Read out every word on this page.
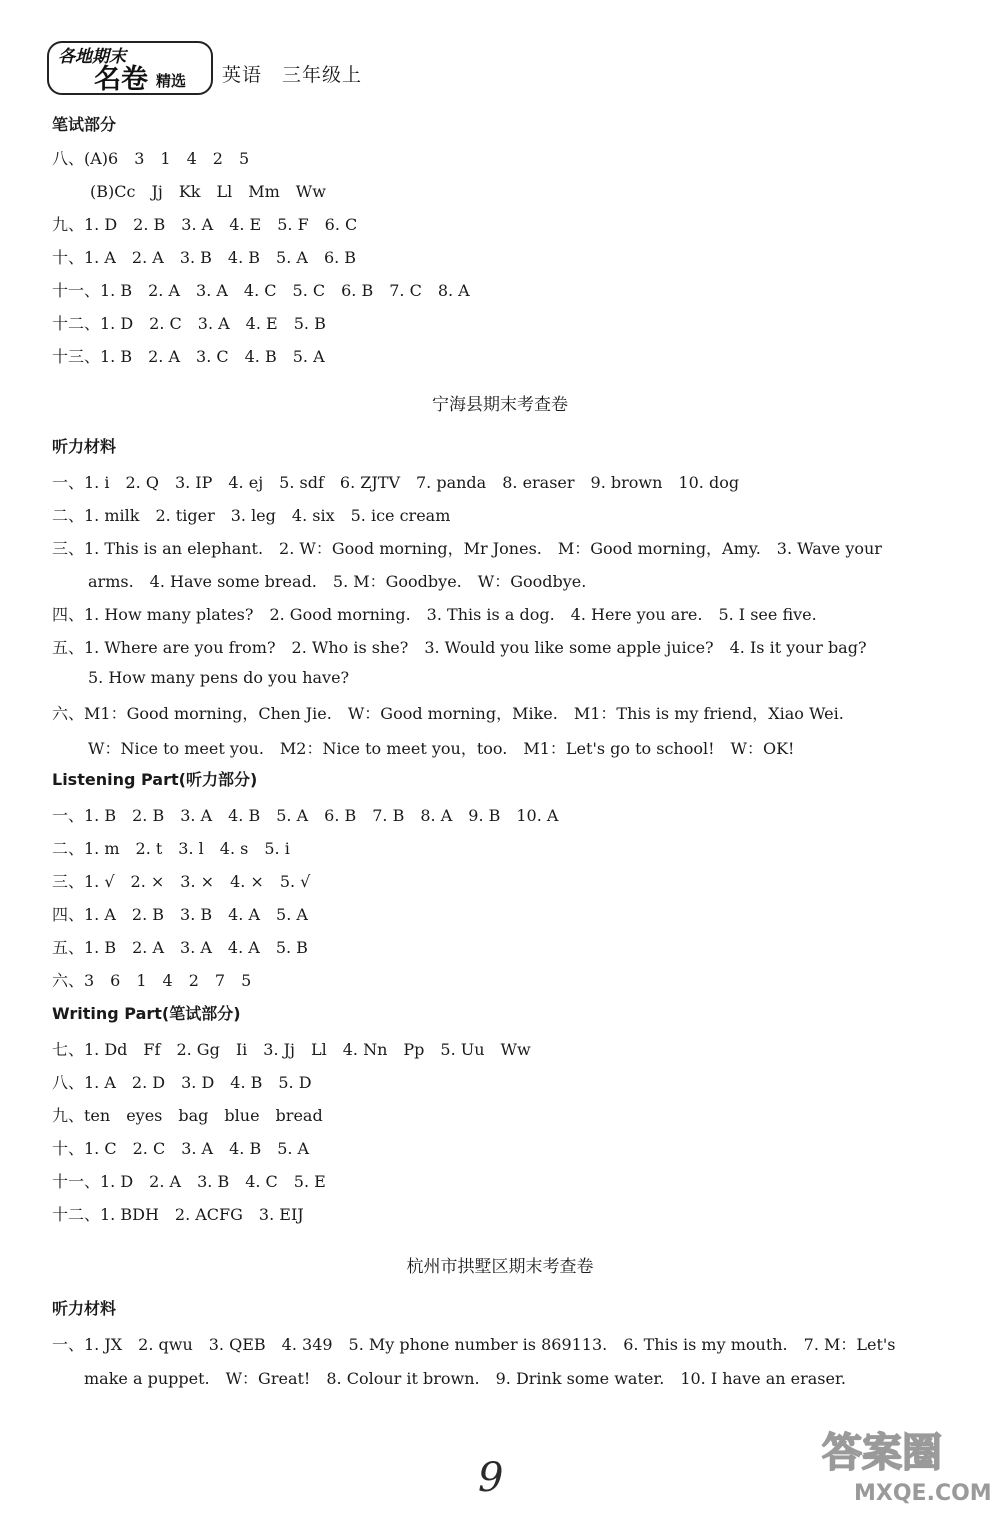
各地期末
名卷 精选 英语　三年级上
笔试部分
八、(A)6　3　1　4　2　5
(B)Cc　Jj　Kk　Ll　Mm　Ww
九、1. D　2. B　3. A　4. E　5. F　6. C
十、1. A　2. A　3. B　4. B　5. A　6. B
十一、1. B　2. A　3. A　4. C　5. C　6. B　7. C　8. A
十二、1. D　2. C　3. A　4. E　5. B
十三、1. B　2. A　3. C　4. B　5. A
宁海县期末考查卷
听力材料
一、1. i　2. Q　3. IP　4. ej　5. sdf　6. ZJTV　7. panda　8. eraser　9. brown　10. dog
二、1. milk　2. tiger　3. leg　4. six　5. ice cream
三、1. This is an elephant.　2. W：Good morning，Mr Jones.　M：Good morning，Amy.　3. Wave your
arms.　4. Have some bread.　5. M：Goodbye.　W：Goodbye.
四、1. How many plates?　2. Good morning.　3. This is a dog.　4. Here you are.　5. I see five.
五、1. Where are you from?　2. Who is she?　3. Would you like some apple juice?　4. Is it your bag?
5. How many pens do you have?
六、M1：Good morning，Chen Jie.　W：Good morning，Mike.　M1：This is my friend，Xiao Wei.
W：Nice to meet you.　M2：Nice to meet you，too.　M1：Let's go to school!　W：OK!
Listening Part(听力部分)
一、1. B　2. B　3. A　4. B　5. A　6. B　7. B　8. A　9. B　10. A
二、1. m　2. t　3. l　4. s　5. i
三、1. √　2. ×　3. ×　4. ×　5. √
四、1. A　2. B　3. B　4. A　5. A
五、1. B　2. A　3. A　4. A　5. B
六、3　6　1　4　2　7　5
Writing Part(笔试部分)
七、1. Dd　Ff　2. Gg　Ii　3. Jj　Ll　4. Nn　Pp　5. Uu　Ww
八、1. A　2. D　3. D　4. B　5. D
九、ten　eyes　bag　blue　bread
十、1. C　2. C　3. A　4. B　5. A
十一、1. D　2. A　3. B　4. C　5. E
十二、1. BDH　2. ACFG　3. EIJ
杭州市拱墅区期末考查卷
听力材料
一、1. JX　2. qwu　3. QEB　4. 349　5. My phone number is 869113.　6. This is my mouth.　7. M：Let's
make a puppet.　W：Great!　8. Colour it brown.　9. Drink some water.　10. I have an eraser.
9
答案圈
MXQE.COM
